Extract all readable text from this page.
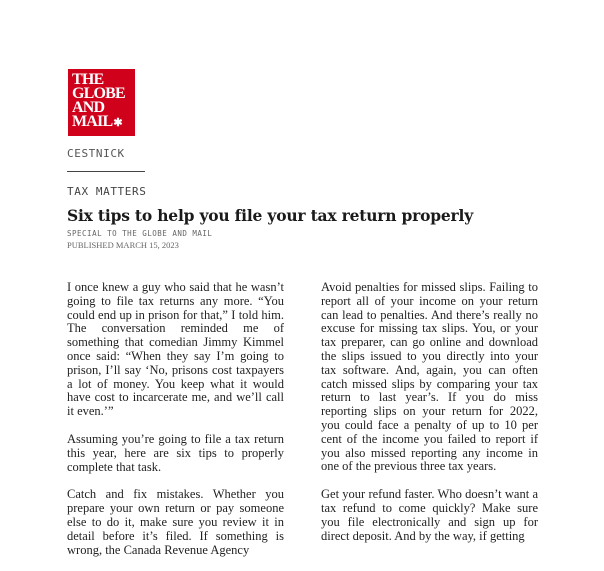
THE
GLOBE
AND
MAIL✱
CESTNICK
TAX MATTERS
Six tips to help you file your tax return properly
SPECIAL TO THE GLOBE AND MAIL
PUBLISHED MARCH 15, 2023

I once knew a guy who said that he wasn’t going to file tax returns any more. “You could end up in prison for that,” I told him. The conversation reminded me of something that comedian Jimmy Kimmel once said: “When they say I’m going to prison, I’ll say ‘No, prisons cost taxpayers a lot of money. You keep what it would have cost to incarcerate me, and we’ll call it even.’”

Assuming you’re going to file a tax return this year, here are six tips to properly complete that task.

Catch and fix mistakes. Whether you prepare your own return or pay someone else to do it, make sure you review it in detail before it’s filed. If something is wrong, the Canada Revenue Agency

Avoid penalties for missed slips. Failing to report all of your income on your return can lead to penalties. And there’s really no excuse for missing tax slips. You, or your tax preparer, can go online and download the slips issued to you directly into your tax software. And, again, you can often catch missed slips by comparing your tax return to last year’s. If you do miss reporting slips on your return for 2022, you could face a penalty of up to 10 per cent of the income you failed to report if you also missed reporting any income in one of the previous three tax years.

Get your refund faster. Who doesn’t want a tax refund to come quickly? Make sure you file electronically and sign up for direct deposit. And by the way, if getting
